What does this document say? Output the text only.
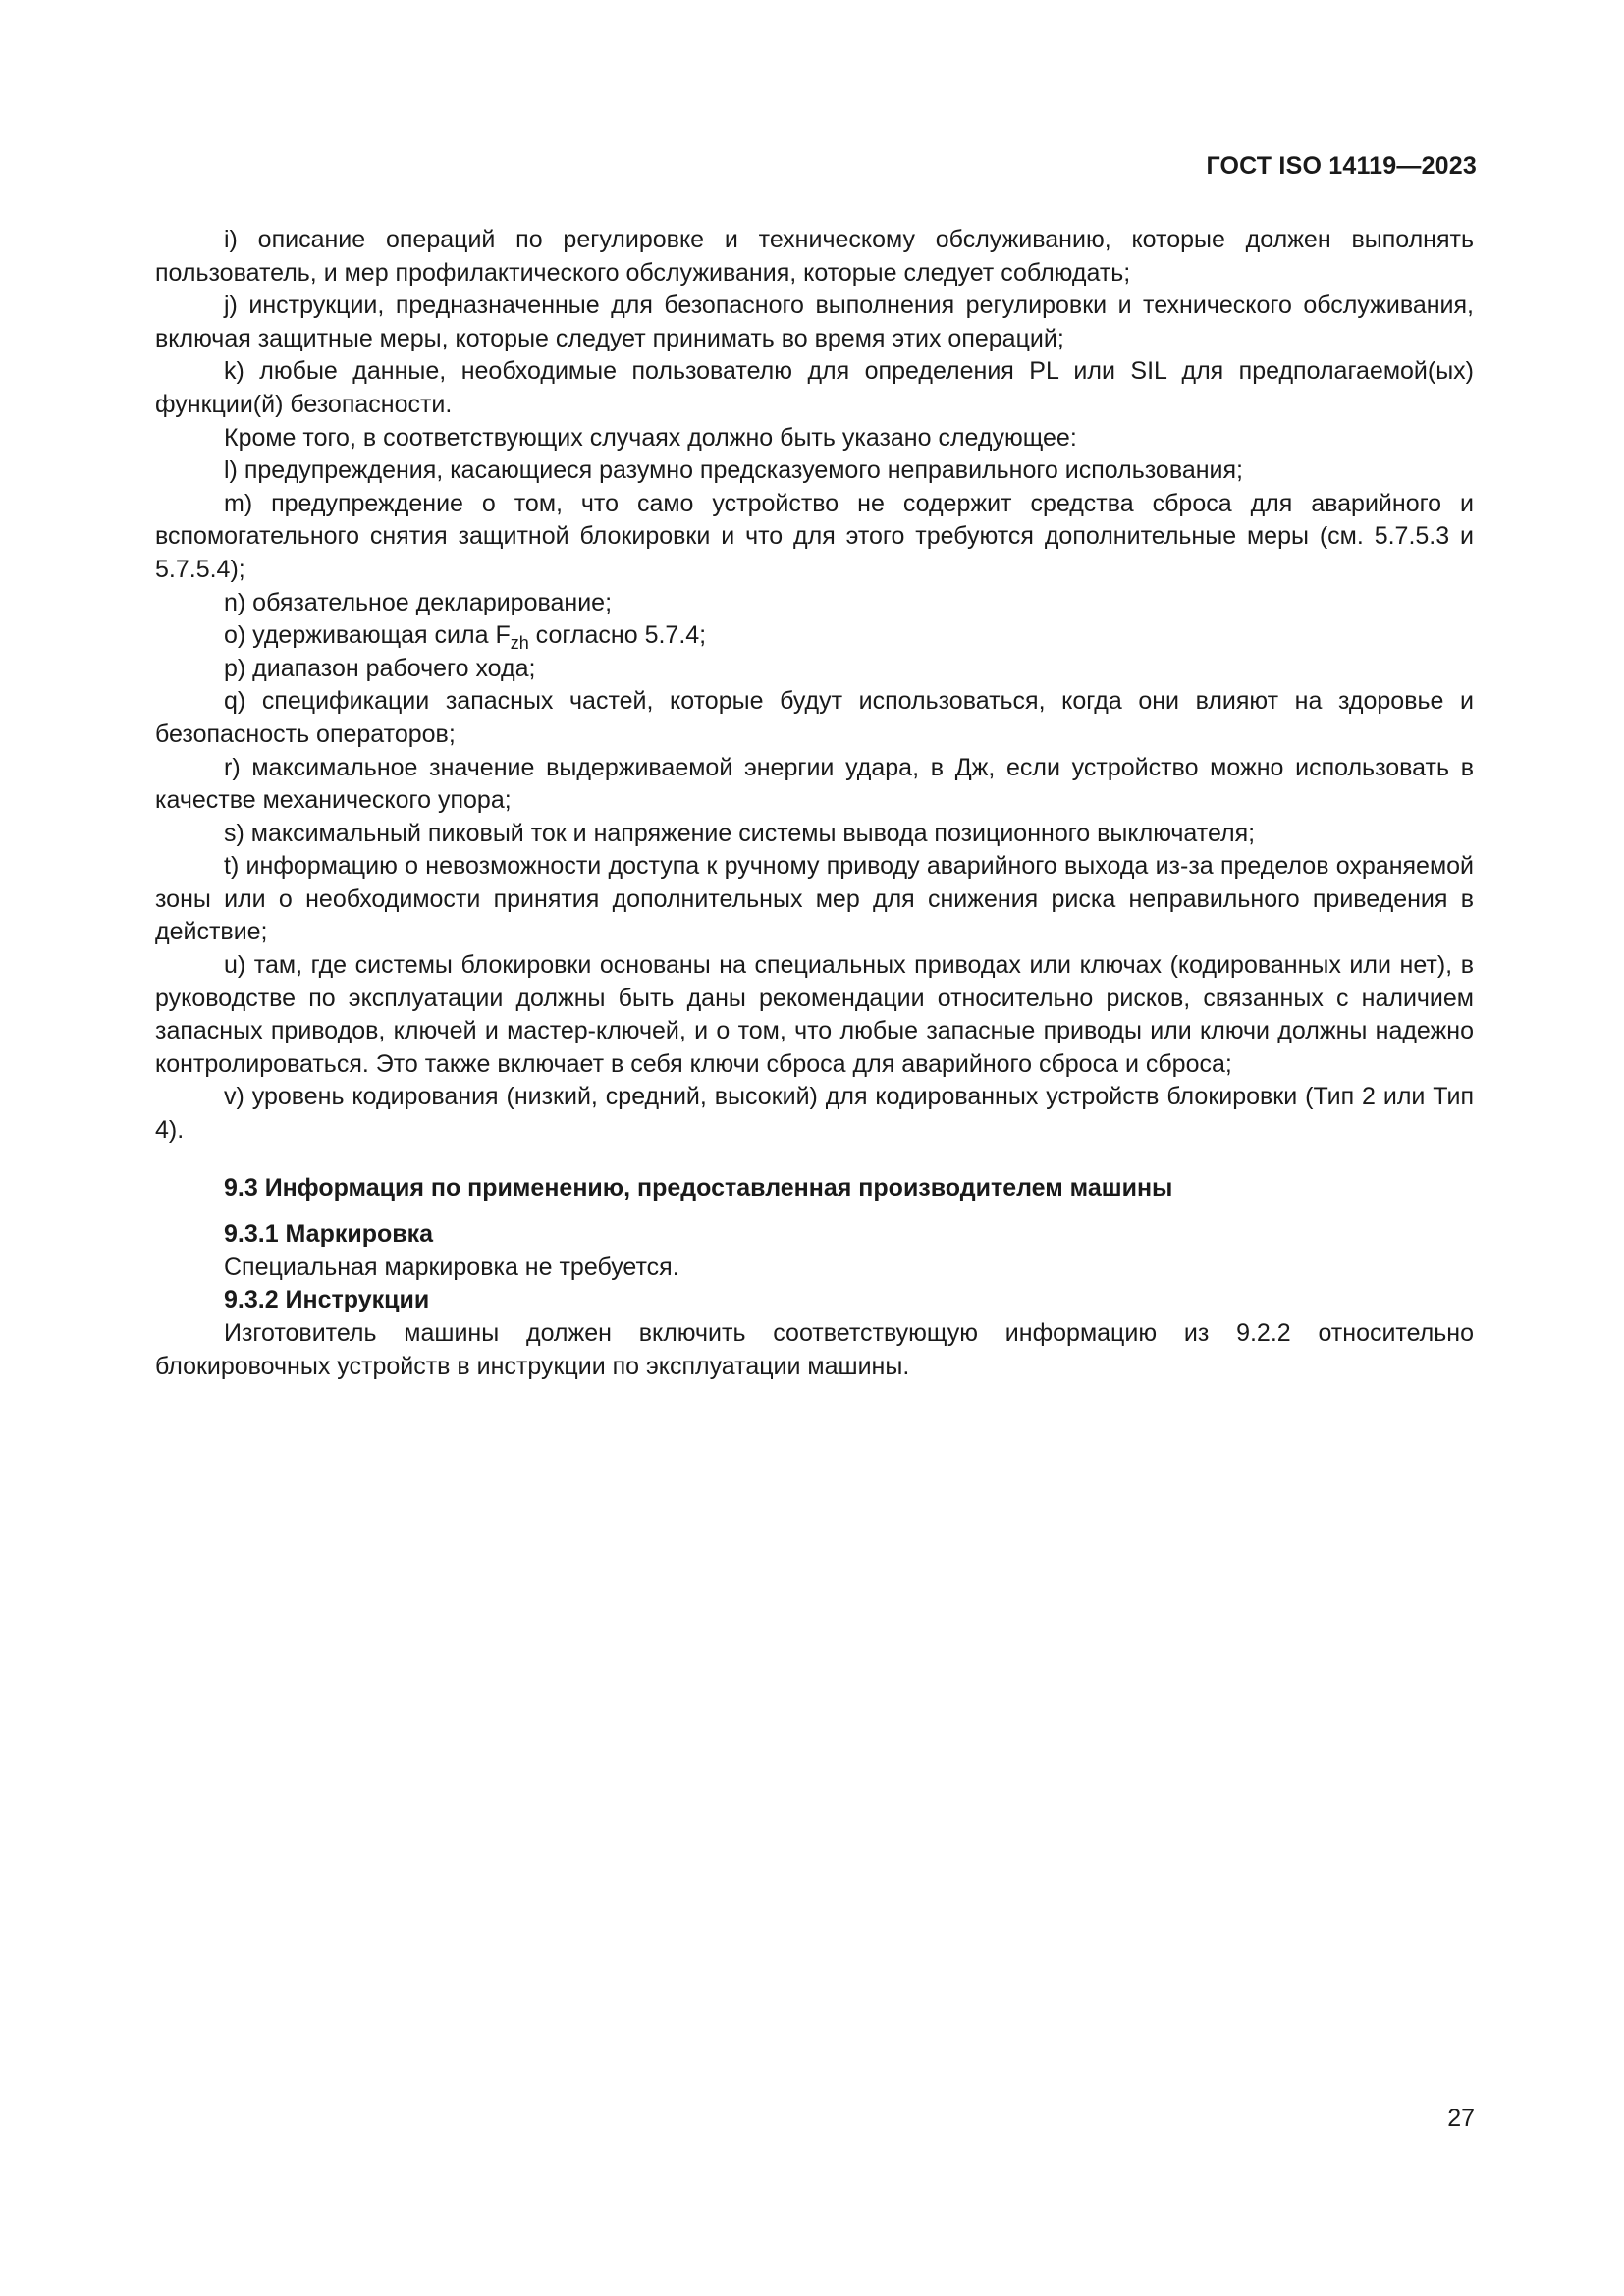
ГОСТ ISO 14119—2023

i) описание операций по регулировке и техническому обслуживанию, которые должен выполнять пользователь, и мер профилактического обслуживания, которые следует соблюдать;

j) инструкции, предназначенные для безопасного выполнения регулировки и технического обслуживания, включая защитные меры, которые следует принимать во время этих операций;

k) любые данные, необходимые пользователю для определения PL или SIL для предполагаемой(ых) функции(й) безопасности.

Кроме того, в соответствующих случаях должно быть указано следующее:

l) предупреждения, касающиеся разумно предсказуемого неправильного использования;

m) предупреждение о том, что само устройство не содержит средства сброса для аварийного и вспомогательного снятия защитной блокировки и что для этого требуются дополнительные меры (см. 5.7.5.3 и 5.7.5.4);

n) обязательное декларирование;

o) удерживающая сила $F_{zh}$ согласно 5.7.4;

p) диапазон рабочего хода;

q) спецификации запасных частей, которые будут использоваться, когда они влияют на здоровье и безопасность операторов;

r) максимальное значение выдерживаемой энергии удара, в Дж, если устройство можно использовать в качестве механического упора;

s) максимальный пиковый ток и напряжение системы вывода позиционного выключателя;

t) информацию о невозможности доступа к ручному приводу аварийного выхода из-за пределов охраняемой зоны или о необходимости принятия дополнительных мер для снижения риска неправильного приведения в действие;

u) там, где системы блокировки основаны на специальных приводах или ключах (кодированных или нет), в руководстве по эксплуатации должны быть даны рекомендации относительно рисков, связанных с наличием запасных приводов, ключей и мастер-ключей, и о том, что любые запасные приводы или ключи должны надежно контролироваться. Это также включает в себя ключи сброса для аварийного сброса и сброса;

v) уровень кодирования (низкий, средний, высокий) для кодированных устройств блокировки (Тип 2 или Тип 4).

9.3 Информация по применению, предоставленная производителем машины
9.3.1 Маркировка

Специальная маркировка не требуется.

9.3.2 Инструкции

Изготовитель машины должен включить соответствующую информацию из 9.2.2 относительно блокировочных устройств в инструкции по эксплуатации машины.

27
